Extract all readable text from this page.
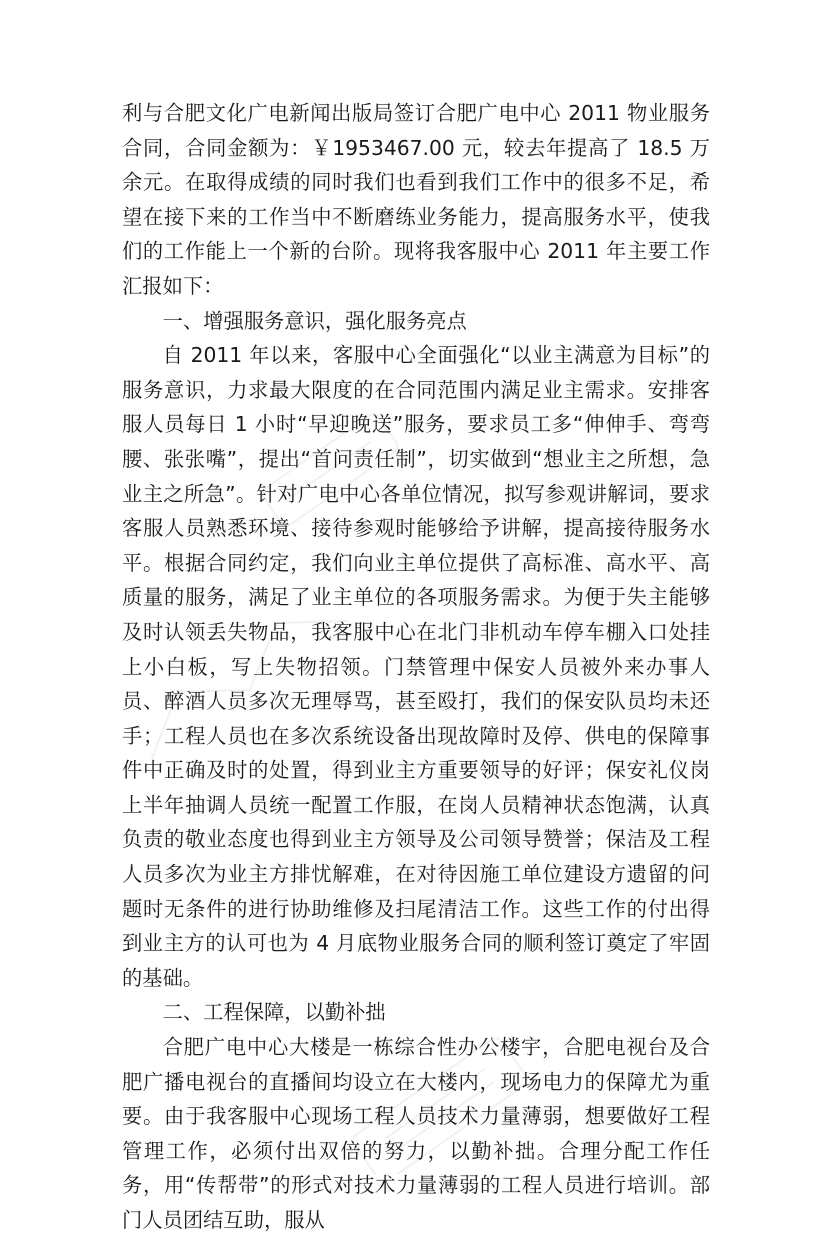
利与合肥文化广电新闻出版局签订合肥广电中心 2011 物业服务合同，合同金额为：￥1953467.00 元，较去年提高了 18.5 万余元。在取得成绩的同时我们也看到我们工作中的很多不足，希望在接下来的工作当中不断磨练业务能力，提高服务水平，使我们的工作能上一个新的台阶。现将我客服中心 2011 年主要工作汇报如下：

一、增强服务意识，强化服务亮点

自 2011 年以来，客服中心全面强化“以业主满意为目标”的服务意识，力求最大限度的在合同范围内满足业主需求。安排客服人员每日 1 小时“早迎晚送”服务，要求员工多“伸伸手、弯弯腰、张张嘴”，提出“首问责任制”，切实做到“想业主之所想，急业主之所急”。针对广电中心各单位情况，拟写参观讲解词，要求客服人员熟悉环境、接待参观时能够给予讲解，提高接待服务水平。根据合同约定，我们向业主单位提供了高标准、高水平、高质量的服务，满足了业主单位的各项服务需求。为便于失主能够及时认领丢失物品，我客服中心在北门非机动车停车棚入口处挂上小白板，写上失物招领。门禁管理中保安人员被外来办事人员、醉酒人员多次无理辱骂，甚至殴打，我们的保安队员均未还手；工程人员也在多次系统设备出现故障时及停、供电的保障事件中正确及时的处置，得到业主方重要领导的好评；保安礼仪岗上半年抽调人员统一配置工作服，在岗人员精神状态饱满，认真负责的敬业态度也得到业主方领导及公司领导赞誉；保洁及工程人员多次为业主方排忧解难，在对待因施工单位建设方遗留的问题时无条件的进行协助维修及扫尾清洁工作。这些工作的付出得到业主方的认可也为 4 月底物业服务合同的顺利签订奠定了牢固的基础。

二、工程保障，以勤补拙

合肥广电中心大楼是一栋综合性办公楼宇，合肥电视台及合肥广播电视台的直播间均设立在大楼内，现场电力的保障尤为重要。由于我客服中心现场工程人员技术力量薄弱，想要做好工程管理工作，必须付出双倍的努力，以勤补拙。合理分配工作任务，用“传帮带”的形式对技术力量薄弱的工程人员进行培训。部门人员团结互助，服从
